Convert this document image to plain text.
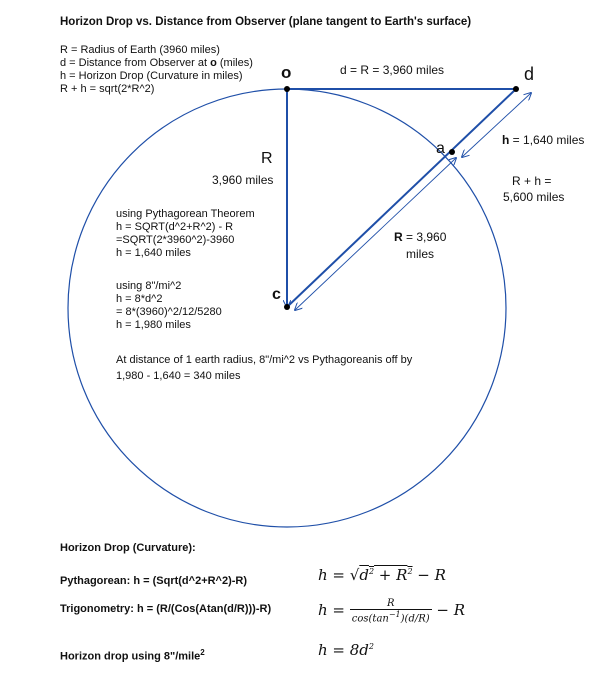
Horizon Drop vs. Distance from Observer (plane tangent to Earth's surface)
R = Radius of Earth (3960 miles)
d = Distance from Observer at o (miles)
h = Horizon Drop (Curvature in miles)
R + h = sqrt(2*R^2)
o	d
a
c
R
3,960 miles
d = R = 3,960 miles
h = 1,640 miles
R + h =
5,600 miles
R = 3,960
miles
using Pythagorean Theorem
h = SQRT(d^2+R^2) - R
=SQRT(2*3960^2)-3960
h = 1,640 miles
using 8"/mi^2
h = 8*d^2
= 8*(3960)^2/12/5280
h = 1,980 miles
At distance of 1 earth radius, 8"/mi^2 vs Pythagoreanis off by
1,980 - 1,640 = 340 miles
Horizon Drop (Curvature):
Pythagorean: h = (Sqrt(d^2+R^2)-R)
Trigonometry: h = (R/(Cos(Atan(d/R)))-R)
Horizon drop using 8"/mile$^2$
$h = √d^2 + R^2 - R$
$h = \frac{R}{\cos(\tan^{-1})(d/R)} - R$
$h = 8d^2$
